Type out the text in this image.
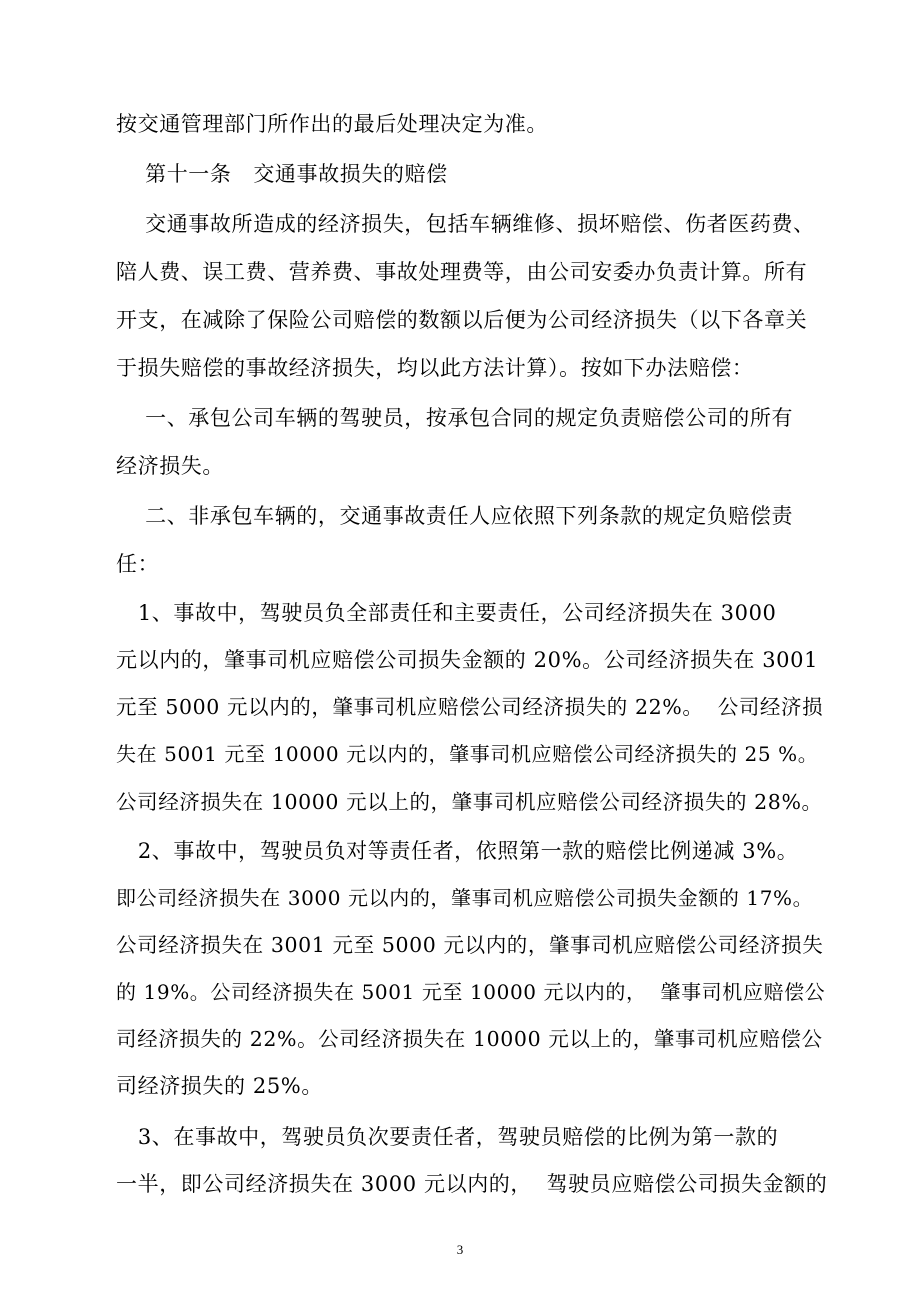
按交通管理部门所作出的最后处理决定为准。
第十一条   交通事故损失的赔偿
交通事故所造成的经济损失，包括车辆维修、损坏赔偿、伤者医药费、
陪人费、误工费、营养费、事故处理费等，由公司安委办负责计算。所有
开支，在减除了保险公司赔偿的数额以后便为公司经济损失（以下各章关
于损失赔偿的事故经济损失，均以此方法计算）。按如下办法赔偿：
一、承包公司车辆的驾驶员，按承包合同的规定负责赔偿公司的所有
经济损失。
二、非承包车辆的，交通事故责任人应依照下列条款的规定负赔偿责
任：
1、事故中，驾驶员负全部责任和主要责任，公司经济损失在 3000
元以内的，肇事司机应赔偿公司损失金额的 20%。公司经济损失在 3001
元至 5000 元以内的，肇事司机应赔偿公司经济损失的 22%。  公司经济损
失在 5001 元至 10000 元以内的，肇事司机应赔偿公司经济损失的 25 %。
公司经济损失在 10000 元以上的，肇事司机应赔偿公司经济损失的 28%。
2、事故中，驾驶员负对等责任者，依照第一款的赔偿比例递减 3%。
即公司经济损失在 3000 元以内的，肇事司机应赔偿公司损失金额的 17%。
公司经济损失在 3001 元至 5000 元以内的，肇事司机应赔偿公司经济损失
的 19%。公司经济损失在 5001 元至 10000 元以内的，  肇事司机应赔偿公
司经济损失的 22%。公司经济损失在 10000 元以上的，肇事司机应赔偿公
司经济损失的 25%。
3、在事故中，驾驶员负次要责任者，驾驶员赔偿的比例为第一款的
一半，即公司经济损失在 3000 元以内的，  驾驶员应赔偿公司损失金额的
3
